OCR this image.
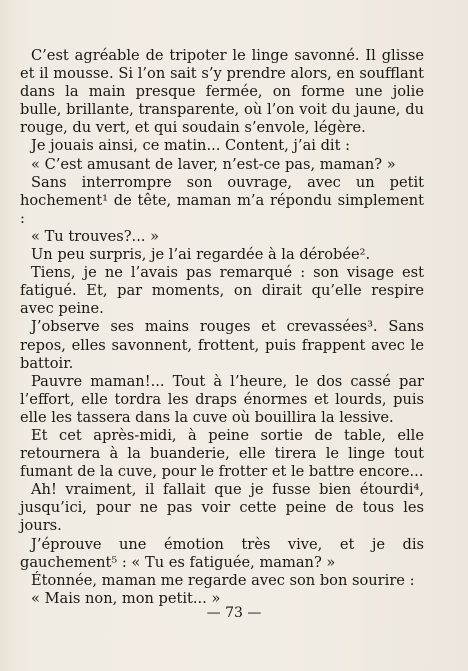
C’est agréable de tripoter le linge savonné. Il glisse et il mousse. Si l’on sait s’y prendre alors, en soufflant dans la main presque fermée, on forme une jolie bulle, brillante, transparente, où l’on voit du jaune, du rouge, du vert, et qui soudain s’envole, légère.

Je jouais ainsi, ce matin... Content, j’ai dit :

« C’est amusant de laver, n’est-ce pas, maman? »

Sans interrompre son ouvrage, avec un petit hochement¹ de tête, maman m’a répondu simplement :

« Tu trouves?... »

Un peu surpris, je l’ai regardée à la dérobée².

Tiens, je ne l’avais pas remarqué : son visage est fatigué. Et, par moments, on dirait qu’elle respire avec peine.

J’observe ses mains rouges et crevassées³. Sans repos, elles savonnent, frottent, puis frappent avec le battoir.

Pauvre maman!... Tout à l’heure, le dos cassé par l’effort, elle tordra les draps énormes et lourds, puis elle les tassera dans la cuve où bouillira la lessive.

Et cet après-midi, à peine sortie de table, elle retournera à la buanderie, elle tirera le linge tout fumant de la cuve, pour le frotter et le battre encore...

Ah! vraiment, il fallait que je fusse bien étourdi⁴, jusqu’ici, pour ne pas voir cette peine de tous les jours.

J’éprouve une émotion très vive, et je dis gauchement⁵ : « Tu es fatiguée, maman? »

Étonnée, maman me regarde avec son bon sourire :

« Mais non, mon petit... »

— 73 —
